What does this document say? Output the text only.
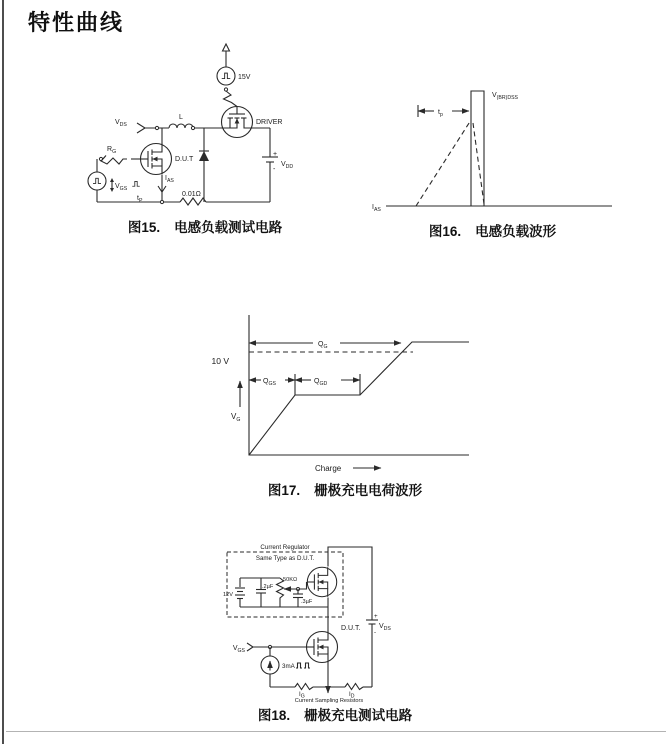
特性曲线
15V
DRIVER
$V_{DS}$
L
D.U.T
$I_{AS}$
$R_G$
$V_{GS}$
$t_P$
+
-
$V_{DD}$
0.01Ω
图15. 电感负载测试电路
$I_{AS}$
$V_{(BR)DSS}$
$t_p$
图16. 电感负载波形
$Q_G$
$Q_{GS}$	$Q_{GD}$
10 V
$V_G$
Charge
图17. 栅极充电电荷波形
Current Regulator
Same Type as D.U.T.
12V
.2µF
50KΩ
.3µF
+
-
$V_{DS}$
D.U.T.
$V_{GS}$
3mA
$I_G$	$I_D$
Current Sampling Resistors
图18. 栅极充电测试电路
